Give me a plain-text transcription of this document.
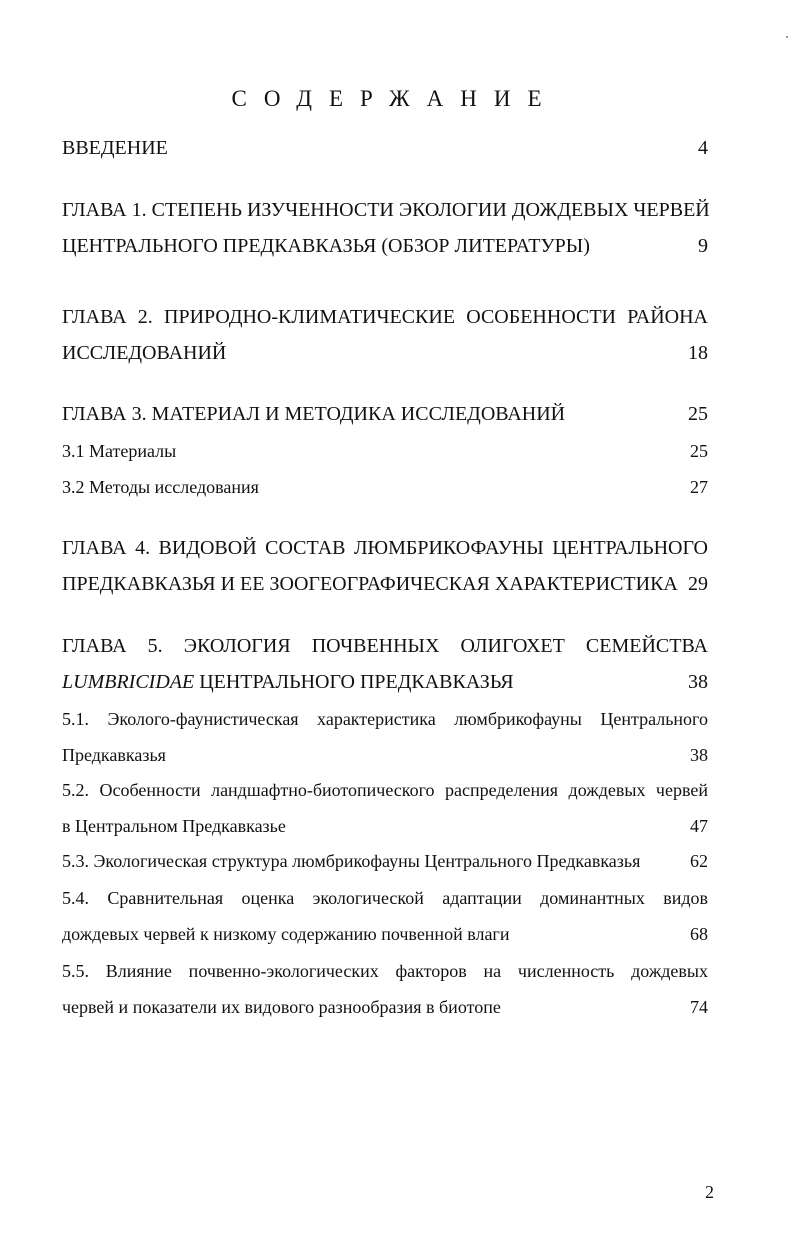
СОДЕРЖАНИЕ
ВВЕДЕНИЕ	4
ГЛАВА 1. СТЕПЕНЬ ИЗУЧЕННОСТИ ЭКОЛОГИИ ДОЖДЕВЫХ ЧЕРВЕЙ
ЦЕНТРАЛЬНОГО ПРЕДКАВКАЗЬЯ (ОБЗОР ЛИТЕРАТУРЫ)	9
ГЛАВА 2. ПРИРОДНО-КЛИМАТИЧЕСКИЕ ОСОБЕННОСТИ РАЙОНА
ИССЛЕДОВАНИЙ	18
ГЛАВА 3. МАТЕРИАЛ И МЕТОДИКА ИССЛЕДОВАНИЙ	25
3.1 Материалы	25
3.2 Методы исследования	27
ГЛАВА 4. ВИДОВОЙ СОСТАВ ЛЮМБРИКОФАУНЫ ЦЕНТРАЛЬНОГО
ПРЕДКАВКАЗЬЯ И ЕЕ ЗООГЕОГРАФИЧЕСКАЯ ХАРАКТЕРИСТИКА 29
ГЛАВА 5. ЭКОЛОГИЯ ПОЧВЕННЫХ ОЛИГОХЕТ СЕМЕЙСТВА
LUMBRICIDAE ЦЕНТРАЛЬНОГО ПРЕДКАВКАЗЬЯ	38
5.1. Эколого-фаунистическая характеристика люмбрикофауны Центрального
Предкавказья	38
5.2. Особенности ландшафтно-биотопического распределения дождевых червей
в Центральном Предкавказье	47
5.3. Экологическая структура люмбрикофауны Центрального Предкавказья	62
5.4. Сравнительная оценка экологической адаптации доминантных видов
дождевых червей к низкому содержанию почвенной влаги	68
5.5. Влияние почвенно-экологических факторов на численность дождевых
червей и показатели их видового разнообразия в биотопе	74
2
